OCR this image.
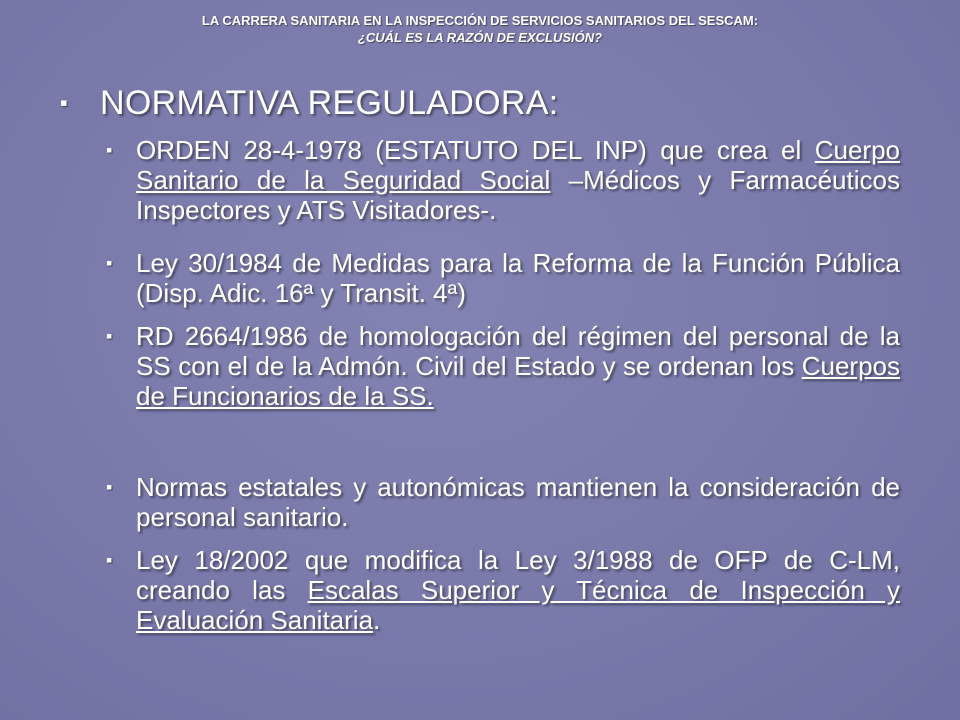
LA CARRERA SANITARIA EN LA INSPECCIÓN DE SERVICIOS SANITARIOS DEL SESCAM:
¿CUÁL ES LA RAZÓN DE EXCLUSIÓN?
▪ NORMATIVA REGULADORA:
▪ ORDEN 28-4-1978 (ESTATUTO DEL INP) que crea el Cuerpo Sanitario de la Seguridad Social –Médicos y Farmacéuticos Inspectores y ATS Visitadores-.
▪ Ley 30/1984 de Medidas para la Reforma de la Función Pública (Disp. Adic. 16ª y Transit. 4ª)
▪ RD 2664/1986 de homologación del régimen del personal de la SS con el de la Admón. Civil del Estado y se ordenan los Cuerpos de Funcionarios de la SS.
▪ Normas estatales y autonómicas mantienen la consideración de personal sanitario.
▪ Ley 18/2002 que modifica la Ley 3/1988 de OFP de C-LM, creando las Escalas Superior y Técnica de Inspección y Evaluación Sanitaria.
